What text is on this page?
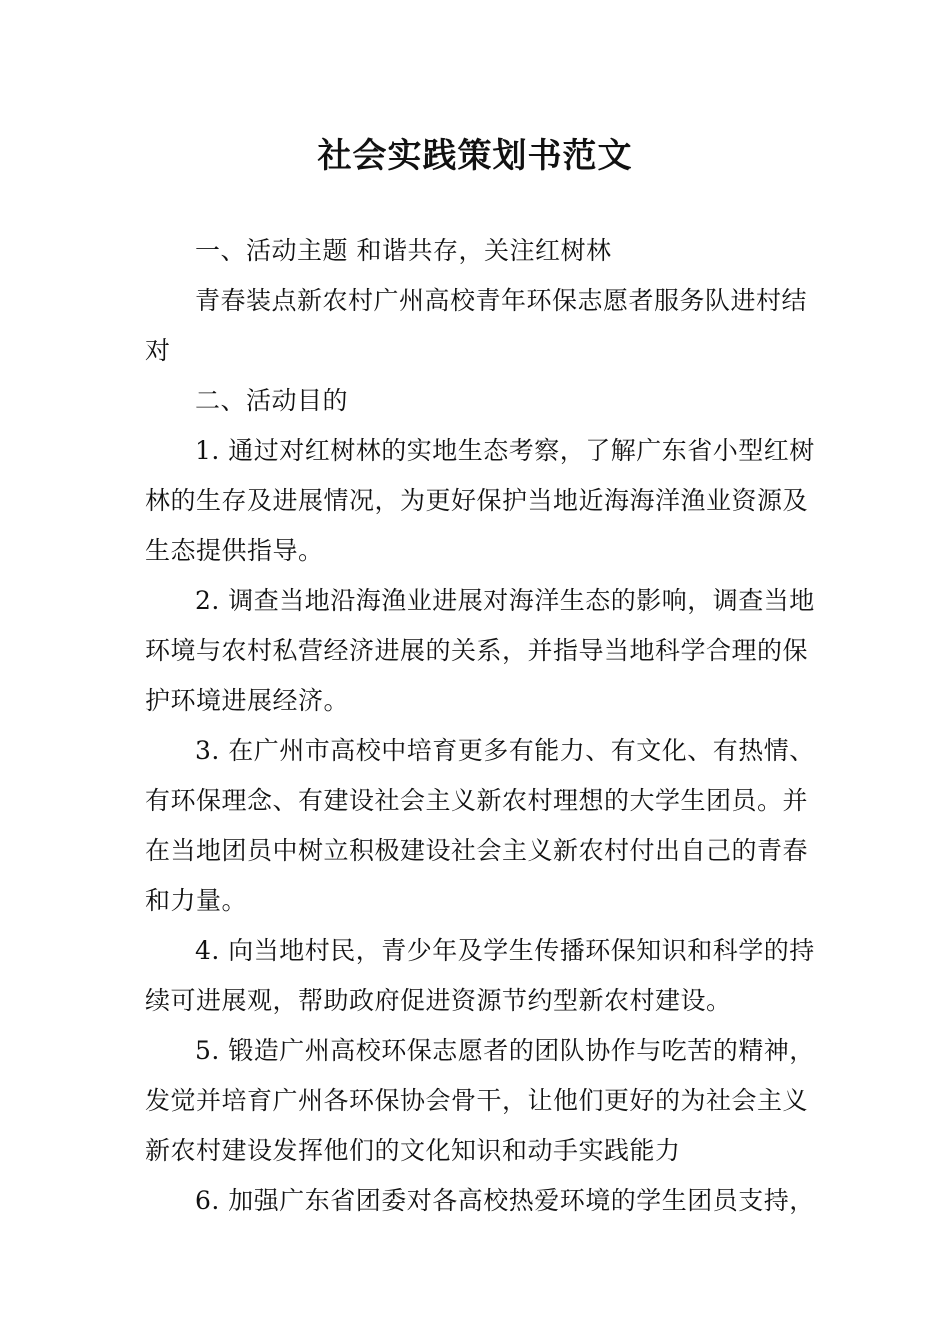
社会实践策划书范文

一、活动主题 和谐共存，关注红树林

青春装点新农村广州高校青年环保志愿者服务队进村结对

二、活动目的

1. 通过对红树林的实地生态考察，了解广东省小型红树林的生存及进展情况，为更好保护当地近海海洋渔业资源及生态提供指导。

2. 调查当地沿海渔业进展对海洋生态的影响，调查当地环境与农村私营经济进展的关系，并指导当地科学合理的保护环境进展经济。

3. 在广州市高校中培育更多有能力、有文化、有热情、有环保理念、有建设社会主义新农村理想的大学生团员。并在当地团员中树立积极建设社会主义新农村付出自己的青春和力量。

4. 向当地村民，青少年及学生传播环保知识和科学的持续可进展观，帮助政府促进资源节约型新农村建设。

5. 锻造广州高校环保志愿者的团队协作与吃苦的精神，发觉并培育广州各环保协会骨干，让他们更好的为社会主义新农村建设发挥他们的文化知识和动手实践能力

6. 加强广东省团委对各高校热爱环境的学生团员支持，
